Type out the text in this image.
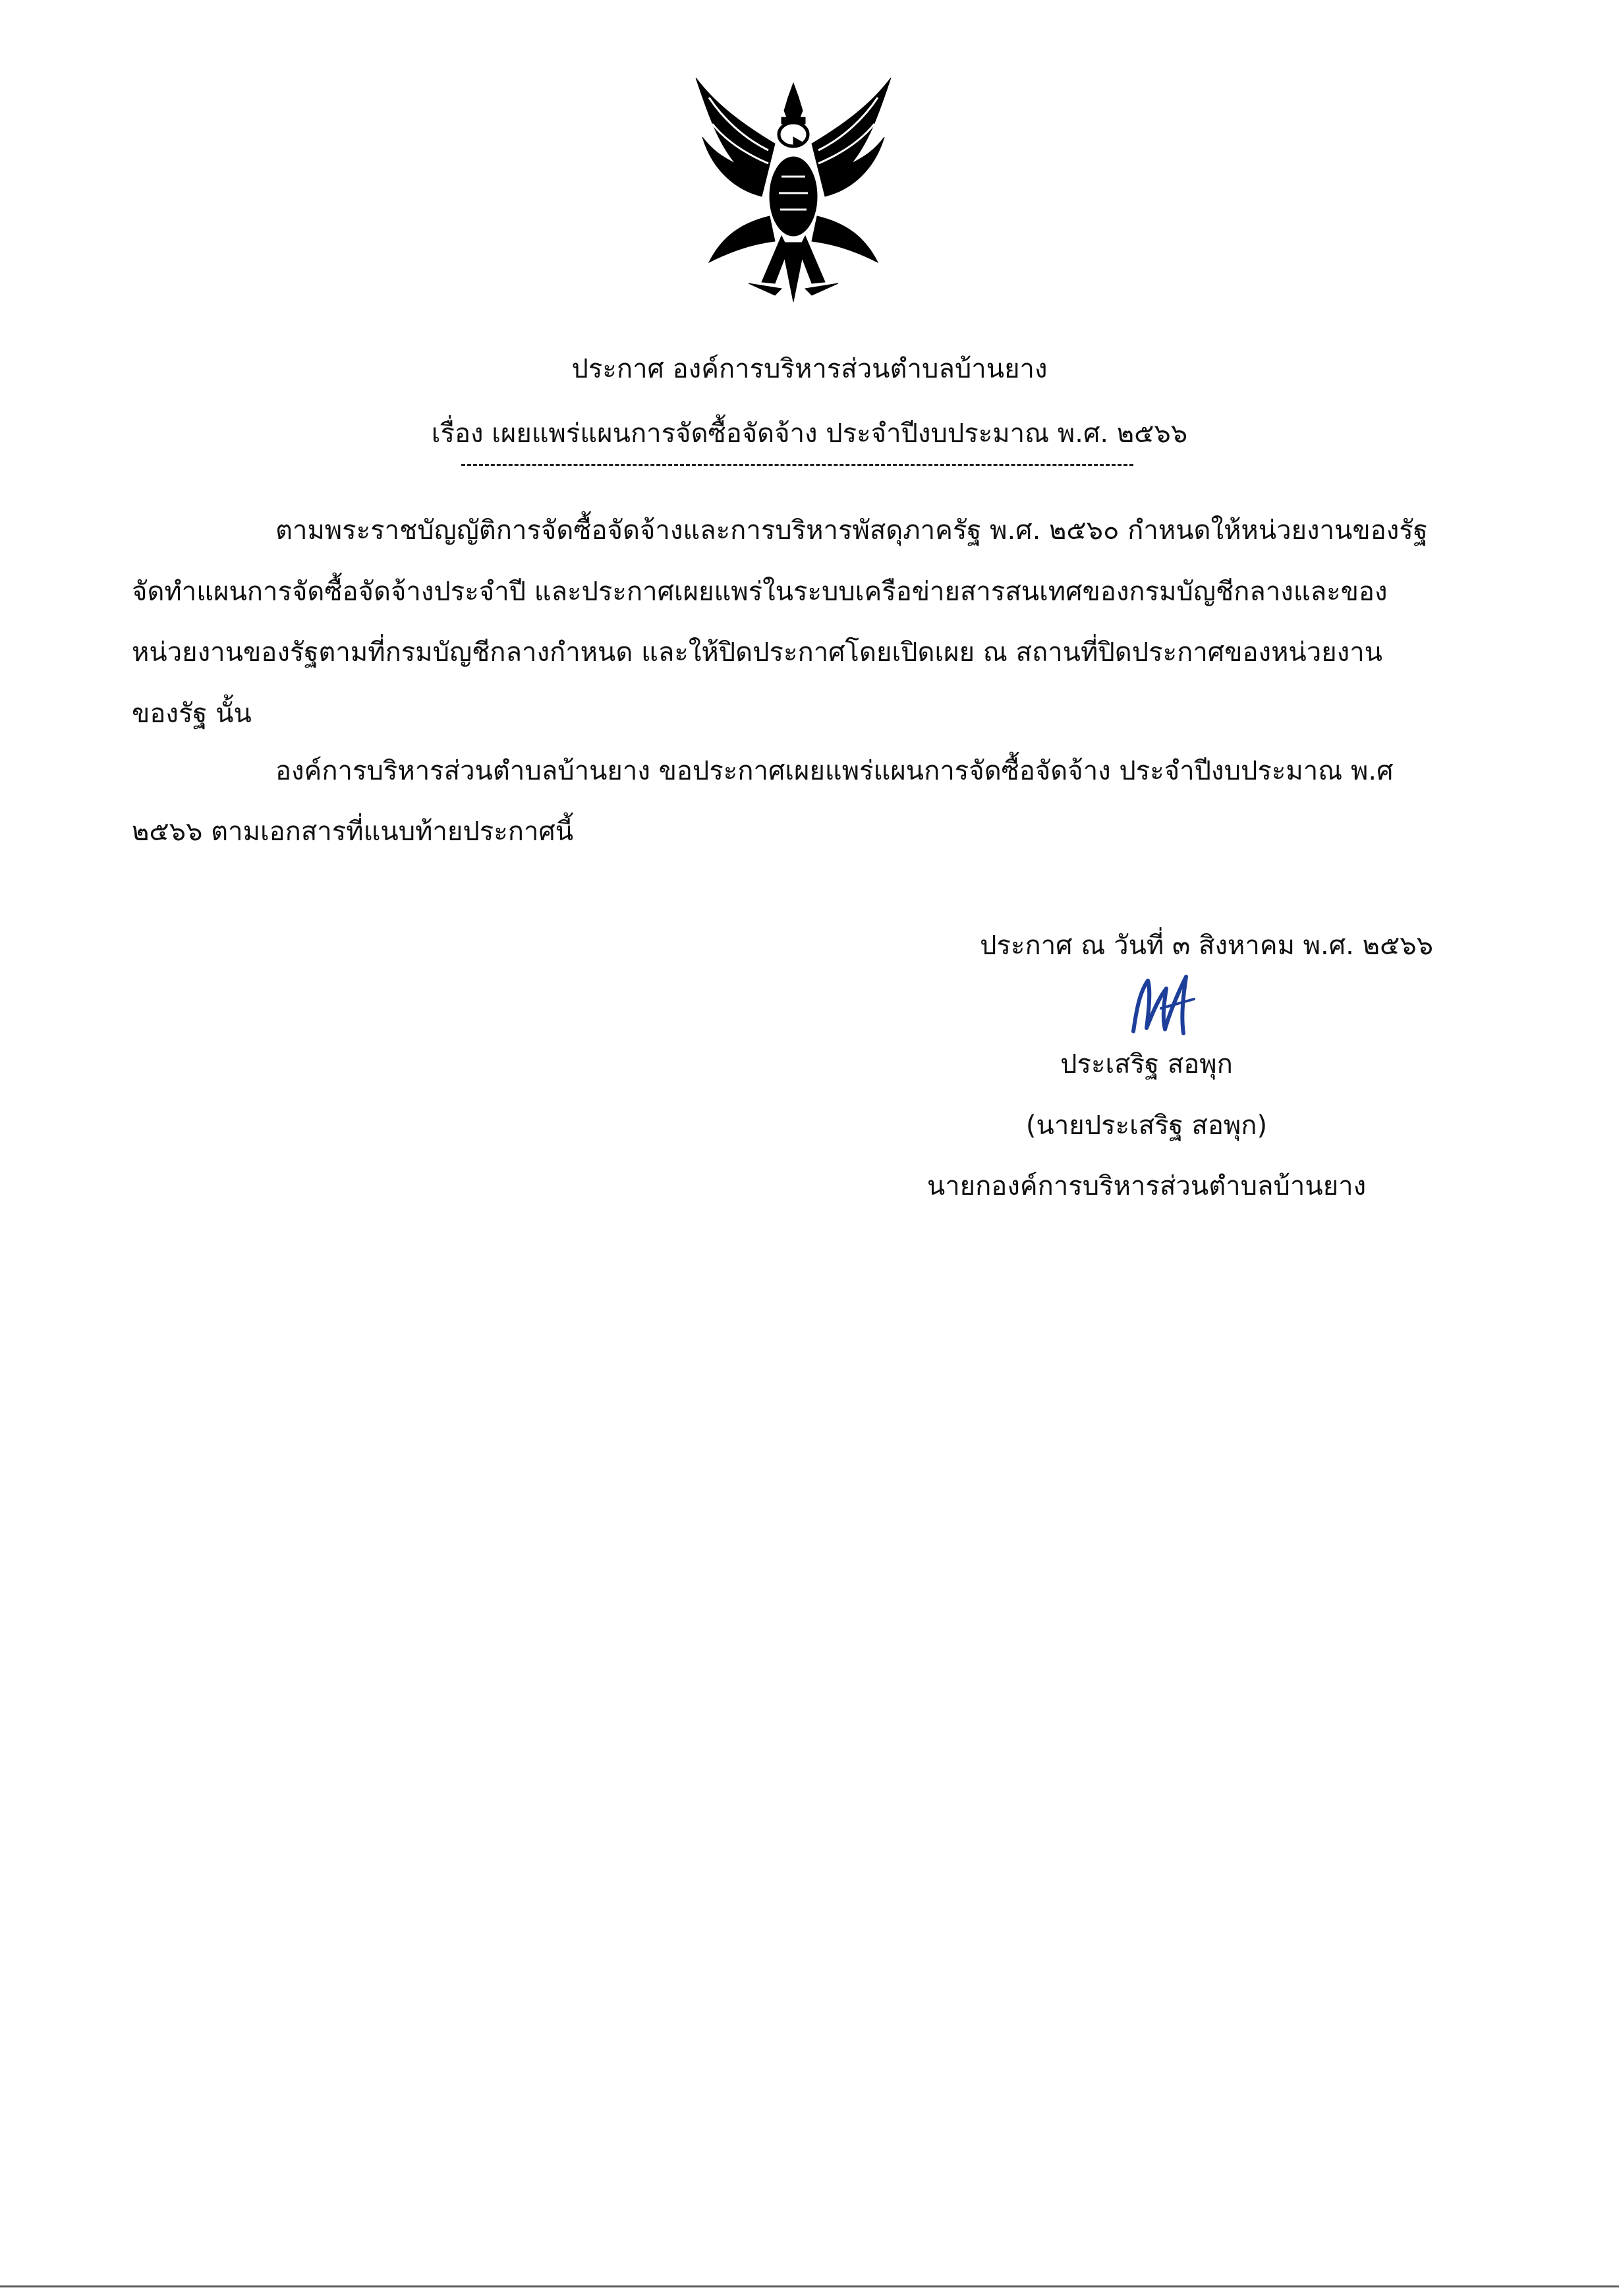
ประกาศ องค์การบริหารส่วนตำบลบ้านยาง
เรื่อง เผยแพร่แผนการจัดซื้อจัดจ้าง ประจำปีงบประมาณ พ.ศ. ๒๕๖๖
ตามพระราชบัญญัติการจัดซื้อจัดจ้างและการบริหารพัสดุภาครัฐ พ.ศ. ๒๕๖๐ กำหนดให้หน่วยงานของรัฐ
จัดทำแผนการจัดซื้อจัดจ้างประจำปี และประกาศเผยแพร่ในระบบเครือข่ายสารสนเทศของกรมบัญชีกลางและของ
หน่วยงานของรัฐตามที่กรมบัญชีกลางกำหนด และให้ปิดประกาศโดยเปิดเผย ณ สถานที่ปิดประกาศของหน่วยงาน
ของรัฐ นั้น
องค์การบริหารส่วนตำบลบ้านยาง ขอประกาศเผยแพร่แผนการจัดซื้อจัดจ้าง ประจำปีงบประมาณ พ.ศ
๒๕๖๖ ตามเอกสารที่แนบท้ายประกาศนี้
ประกาศ ณ วันที่ ๓ สิงหาคม พ.ศ. ๒๕๖๖
ประเสริฐ สอพุก
(นายประเสริฐ สอพุก)
นายกองค์การบริหารส่วนตำบลบ้านยาง
